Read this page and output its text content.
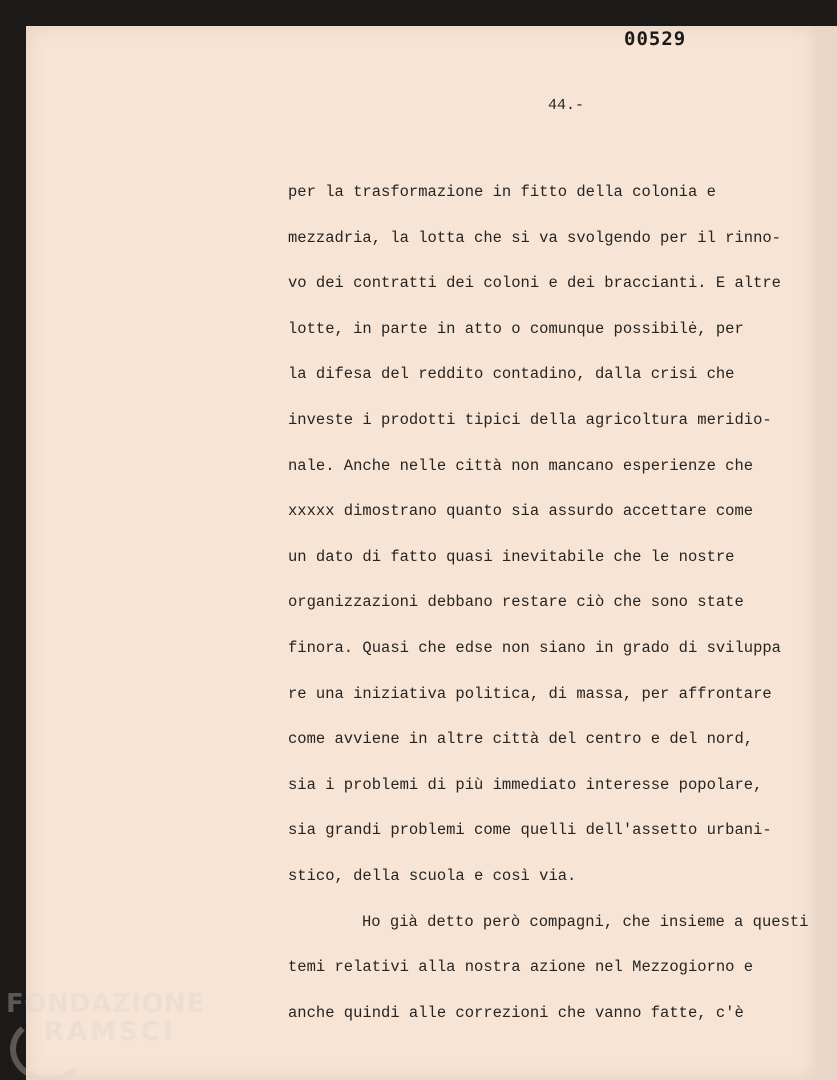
00529
44.-
per la trasformazione in fitto della colonia e
mezzadria, la lotta che si va svolgendo per il rinno-
vo dei contratti dei coloni e dei braccianti. E altre
lotte, in parte in atto o comunque possibilė, per
la difesa del reddito contadino, dalla crisi che
investe i prodotti tipici della agricoltura meridio-
nale. Anche nelle città non mancano esperienze che
xxxxx dimostrano quanto sia assurdo accettare come
un dato di fatto quasi inevitabile che le nostre
organizzazioni debbano restare ciò che sono state
finora. Quasi che edse non siano in grado di sviluppa
re una iniziativa politica, di massa, per affrontare
come avviene in altre città del centro e del nord,
sia i problemi di più immediato interesse popolare,
sia grandi problemi come quelli dell'assetto urbani-
stico, della scuola e così via.
Ho già detto però compagni, che insieme a questi
temi relativi alla nostra azione nel Mezzogiorno e
anche quindi alle correzioni che vanno fatte, c'è
FONDAZIONE
RAMSCI
